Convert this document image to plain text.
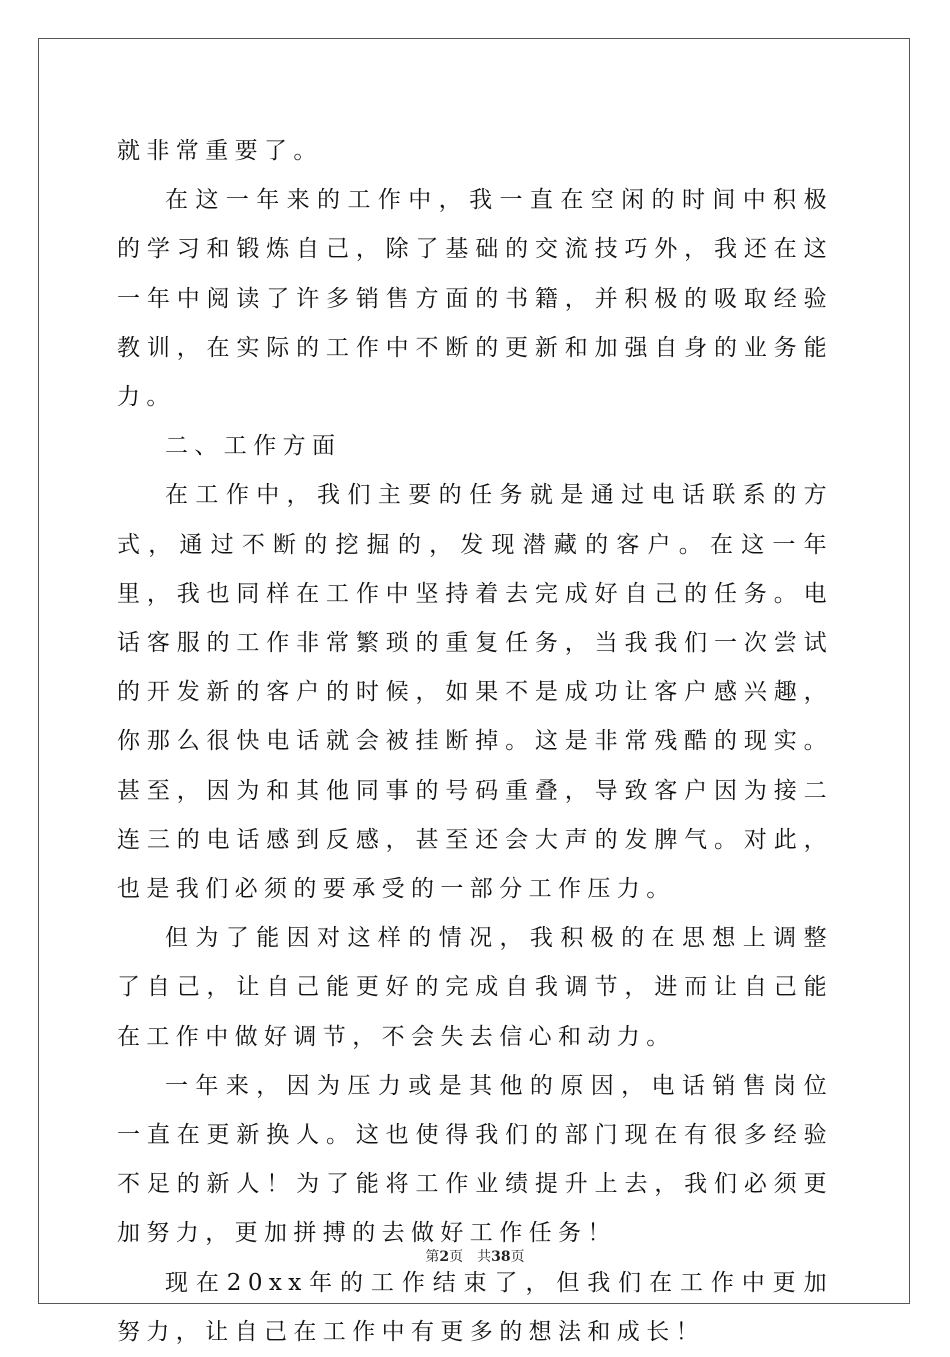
就非常重要了。

在这一年来的工作中，我一直在空闲的时间中积极的学习和锻炼自己，除了基础的交流技巧外，我还在这一年中阅读了许多销售方面的书籍，并积极的吸取经验教训，在实际的工作中不断的更新和加强自身的业务能力。

二、工作方面

在工作中，我们主要的任务就是通过电话联系的方式，通过不断的挖掘的，发现潜藏的客户。在这一年里，我也同样在工作中坚持着去完成好自己的任务。电话客服的工作非常繁琐的重复任务，当我我们一次尝试的开发新的客户的时候，如果不是成功让客户感兴趣，你那么很快电话就会被挂断掉。这是非常残酷的现实。甚至，因为和其他同事的号码重叠，导致客户因为接二连三的电话感到反感，甚至还会大声的发脾气。对此，也是我们必须的要承受的一部分工作压力。

但为了能因对这样的情况，我积极的在思想上调整了自己，让自己能更好的完成自我调节，进而让自己能在工作中做好调节，不会失去信心和动力。

一年来，因为压力或是其他的原因，电话销售岗位一直在更新换人。这也使得我们的部门现在有很多经验不足的新人！为了能将工作业绩提升上去，我们必须更加努力，更加拼搏的去做好工作任务！

现在20xx年的工作结束了，但我们在工作中更加努力，让自己在工作中有更多的想法和成长！

第2页 共38页
